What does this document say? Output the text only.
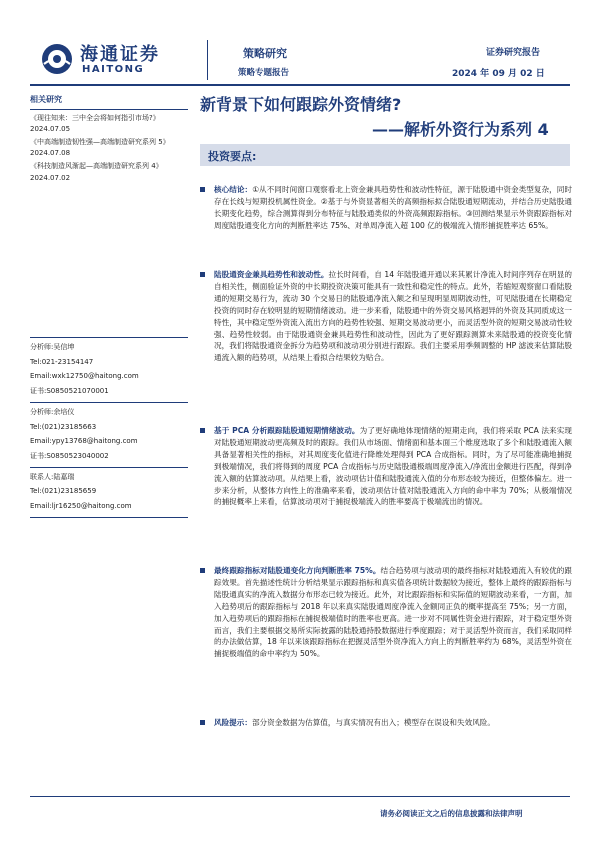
海通证券
HAITONG
策略研究
策略专题报告
证券研究报告
2024 年 09 月 02 日
新背景下如何跟踪外资情绪?
——解析外资行为系列 4
投资要点:
相关研究
《现往知来：三中全会将如何指引市场?》2024.07.05
《中高端制造韧性强—高端制造研究系列 5》2024.07.08
《科技制造风渐起—高端制造研究系列 4》2024.07.02
分析师:吴信坤
Tel:021-23154147
Email:wxk12750@haitong.com
证书:S0850521070001
分析师:余培仪
Tel:(021)23185663
Email:ypy13768@haitong.com
证书:S0850523040002
联系人:陆嘉瑞
Tel:(021)23185659
Email:ljr16250@haitong.com

核心结论：①从不同时间窗口观察看北上资金兼具趋势性和波动性特征，源于陆股通中资金类型复杂，同时存在长线与短期投机属性资金。②基于与外资显著相关的高频指标拟合陆股通短期流动，并结合历史陆股通长期变化趋势，综合测算得到分布特征与陆股通类似的外资高频跟踪指标。③回测结果显示外资跟踪指标对周度陆股通变化方向的判断胜率达 75%、对单周净流入超 100 亿的极端流入情形捕捉胜率达 65%。

陆股通资金兼具趋势性和波动性。拉长时间看，自 14 年陆股通开通以来其累计净流入时间序列存在明显的自相关性，侧面验证外资的中长期投资决策可能具有一致性和稳定性的特点。此外，若缩短观察窗口看陆股通的短期交易行为，流动 30 个交易日的陆股通净流入额之和呈现明显周期波动性，可见陆股通在长期稳定投资的同时存在较明显的短期情绪波动。进一步来看，陆股通中的外资交易风格迥异的外资及其同质成这一特性，其中稳定型外资流入流出方向的趋势性较强、短期交易波动更小，而灵活型外资的短期交易波动性较强、趋势性较弱。由于陆股通资金兼具趋势性和波动性，因此为了更好跟踪测算未来陆股通的投资变化情况，我们将陆股通资金拆分为趋势项和波动项分别进行跟踪。我们主要采用季频调整的 HP 滤波来估算陆股通流入额的趋势项，从结果上看拟合结果较为贴合。

基于 PCA 分析跟踪陆股通短期情绪波动。为了更好确地体现情绪的短期走向，我们将采取 PCA 法来实现对陆股通短期波动更高频及时的跟踪。我们从市场面、情绪面和基本面三个维度选取了多个和陆股通流入额具备显著相关性的指标，对其周度变化值进行降维处理得到 PCA 合成指标。同时，为了尽可能准确地捕捉到极端情况，我们将得到的周度 PCA 合成指标与历史陆股通极端周度净流入/净流出金额进行匹配，得到净流入额的估算波动项。从结果上看，波动项估计值和陆股通流入值的分布形态较为接近，但整体偏左。进一步来分析，从整体方向性上的准确率来看，波动项估计值对陆股通流入方向的命中率为 70%；从极端情况的捕捉概率上来看，估算波动项对于捕捉极端流入的胜率要高于极端流出的情况。

最终跟踪指标对陆股通变化方向判断胜率 75%。结合趋势项与波动项的最终指标对陆股通流入有较优的跟踪效果。首先描述性统计分析结果显示跟踪指标和真实值各项统计数据较为接近，整体上最终的跟踪指标与陆股通真实的净流入数据分布形态已较为接近。此外，对比跟踪指标和实际值的短期波动来看，一方面，加入趋势项后的跟踪指标与 2018 年以来真实陆股通周度净流入金额同正负的概率提高至 75%；另一方面，加入趋势项后的跟踪指标在捕捉极端值时的胜率也更高。进一步对不同属性资金进行跟踪，对于稳定型外资而言，我们主要根据交易所实际披露的陆股通持股数据进行季度跟踪；对于灵活型外资而言，我们采取同样的办法做估算，18 年以来该跟踪指标在把握灵活型外资净流入方向上的判断胜率约为 68%，灵活型外资在捕捉极端值的命中率约为 50%。

风险提示：部分资金数据为估算值，与真实情况有出入；模型存在误设和失效风险。

请务必阅读正文之后的信息披露和法律声明
